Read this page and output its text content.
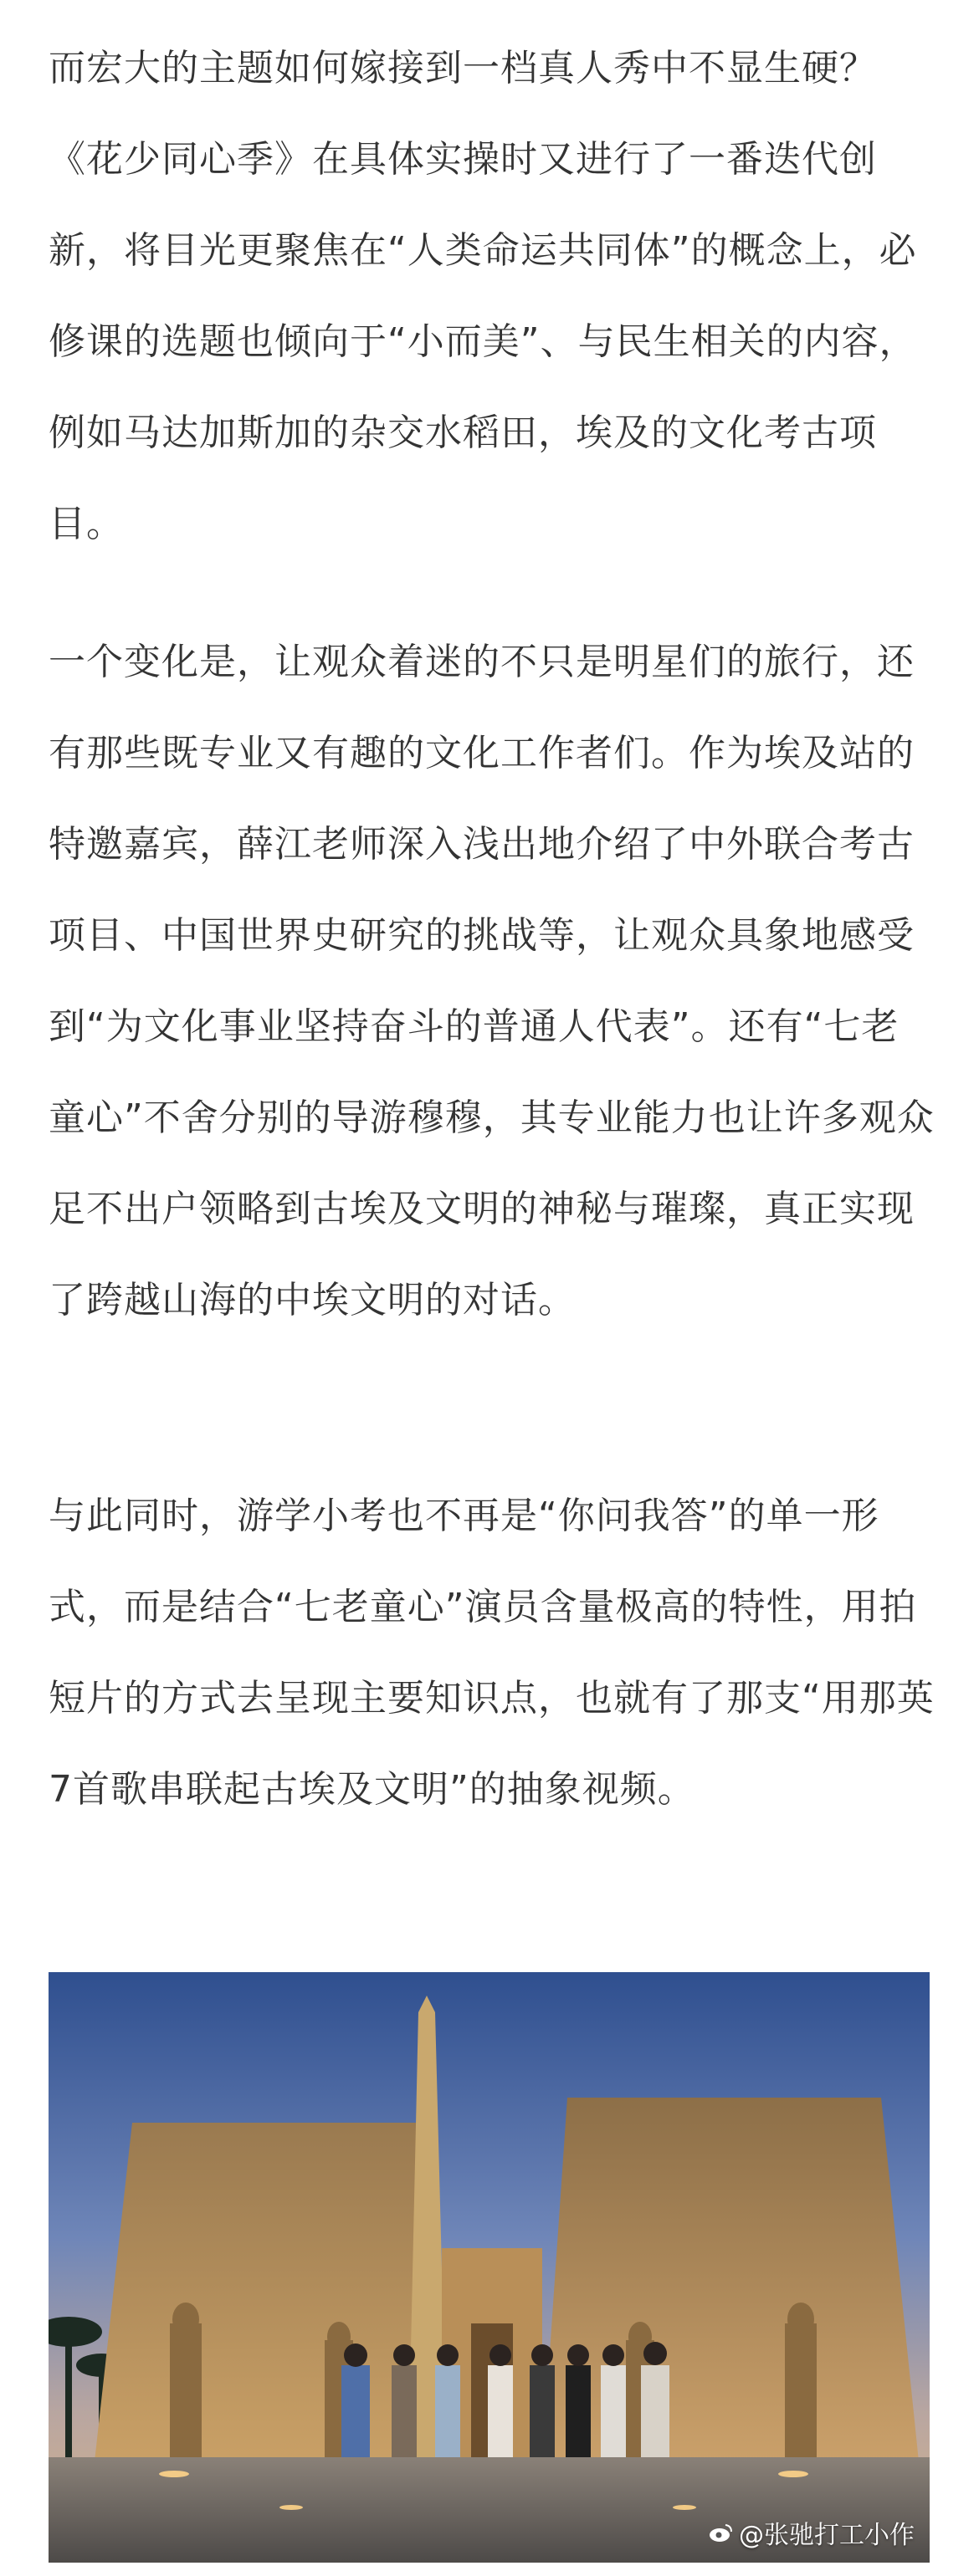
而宏大的主题如何嫁接到一档真人秀中不显生硬？《花少同心季》在具体实操时又进行了一番迭代创新，将目光更聚焦在“人类命运共同体”的概念上，必修课的选题也倾向于“小而美”、与民生相关的内容，例如马达加斯加的杂交水稻田，埃及的文化考古项目。

一个变化是，让观众着迷的不只是明星们的旅行，还有那些既专业又有趣的文化工作者们。作为埃及站的特邀嘉宾，薛江老师深入浅出地介绍了中外联合考古项目、中国世界史研究的挑战等，让观众具象地感受到“为文化事业坚持奋斗的普通人代表”。还有“七老童心”不舍分别的导游穆穆，其专业能力也让许多观众足不出户领略到古埃及文明的神秘与璀璨，真正实现了跨越山海的中埃文明的对话。

与此同时，游学小考也不再是“你问我答”的单一形式，而是结合“七老童心”演员含量极高的特性，用拍短片的方式去呈现主要知识点，也就有了那支“用那英7首歌串联起古埃及文明”的抽象视频。

@张驰打工小作
